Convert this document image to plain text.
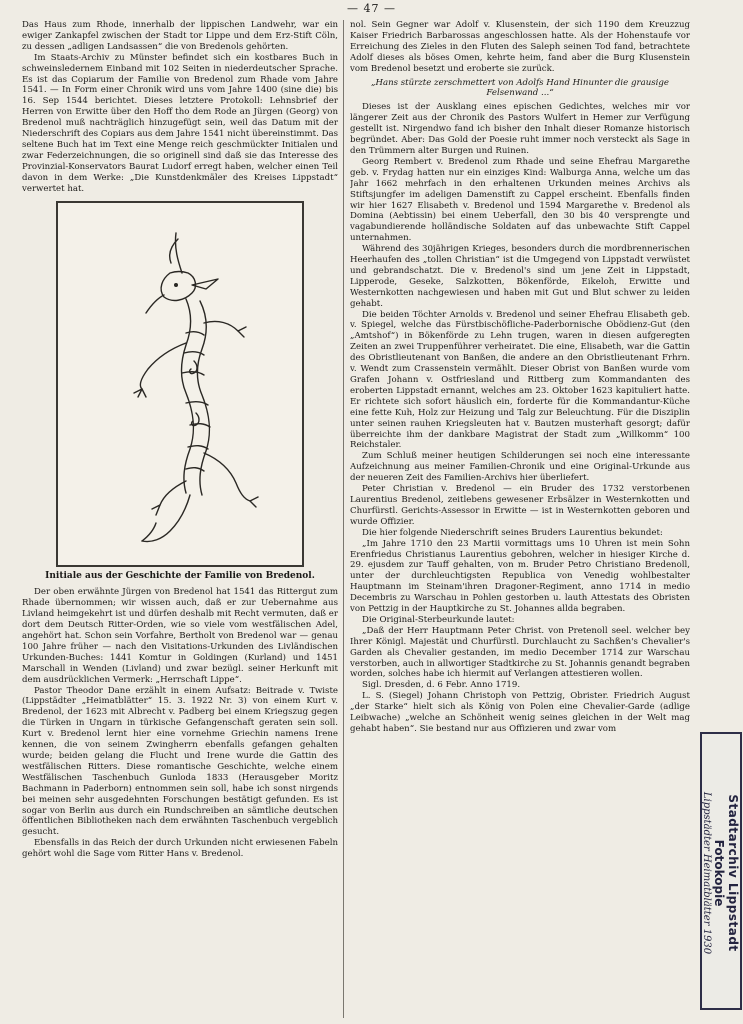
— 47 —

Das Haus zum Rhode, innerhalb der lippischen Landwehr, war ein ewiger Zankapfel zwischen der Stadt tor Lippe und dem Erz-Stift Cöln, zu dessen „adligen Landsassen“ die von Bredenols gehörten.

Im Staats-Archiv zu Münster befindet sich ein kostbares Buch in schweinsledernem Einband mit 102 Seiten in niederdeutscher Sprache. Es ist das Copiarum der Familie von Bredenol zum Rhade vom Jahre 1541. — In Form einer Chronik wird uns vom Jahre 1400 (sine die) bis 16. Sep 1544 berichtet. Dieses letztere Protokoll: Lehnsbrief der Herren von Erwitte über den Hoff tho dem Rode an Jürgen (Georg) von Bredenol muß nachträglich hinzugefügt sein, weil das Datum mit der Niederschrift des Copiars aus dem Jahre 1541 nicht übereinstimmt. Das seltene Buch hat im Text eine Menge reich geschmückter Initialen und zwar Federzeichnungen, die so originell sind daß sie das Interesse des Provinzial-Konservators Baurat Ludorf erregt haben, welcher einen Teil davon in dem Werke: „Die Kunstdenkmäler des Kreises Lippstadt“ verwertet hat.

Initiale aus der Geschichte der Familie von Bredenol.

Der oben erwähnte Jürgen von Bredenol hat 1541 das Rittergut zum Rhade übernommen; wir wissen auch, daß er zur Uebernahme aus Livland heimgekehrt ist und dürfen deshalb mit Recht vermuten, daß er dort dem Deutsch Ritter-Orden, wie so viele vom westfälischen Adel, angehört hat. Schon sein Vorfahre, Bertholt von Bredenol war — genau 100 Jahre früher — nach den Visitations-Urkunden des Livländischen Urkunden-Buches: 1441 Komtur in Goldingen (Kurland) und 1451 Marschall in Wenden (Livland) und zwar bezügl. seiner Herkunft mit dem ausdrücklichen Vermerk: „Herrschaft Lippe“.

Pastor Theodor Dane erzählt in einem Aufsatz: Beitrade v. Twiste (Lippstädter „Heimatblätter“ 15. 3. 1922 Nr. 3) von einem Kurt v. Bredenol, der 1623 mit Albrecht v. Padberg bei einem Kriegszug gegen die Türken in Ungarn in türkische Gefangenschaft geraten sein soll. Kurt v. Bredenol lernt hier eine vornehme Griechin namens Irene kennen, die von seinem Zwingherrn ebenfalls gefangen gehalten wurde; beiden gelang die Flucht und Irene wurde die Gattin des westfälischen Ritters. Diese romantische Geschichte, welche einem Westfälischen Taschenbuch Gunloda 1833 (Herausgeber Moritz Bachmann in Paderborn) entnommen sein soll, habe ich sonst nirgends bei meinen sehr ausgedehnten Forschungen bestätigt gefunden. Es ist sogar von Berlin aus durch ein Rundschreiben an sämtliche deutschen öffentlichen Bibliotheken nach dem erwähnten Taschenbuch vergeblich gesucht.

Ebensfalls in das Reich der durch Urkunden nicht erwiesenen Fabeln gehört wohl die Sage vom Ritter Hans v. Bredenol.

nol. Sein Gegner war Adolf v. Klusenstein, der sich 1190 dem Kreuzzug Kaiser Friedrich Barbarossas angeschlossen hatte. Als der Hohenstaufe vor Erreichung des Zieles in den Fluten des Saleph seinen Tod fand, betrachtete Adolf dieses als böses Omen, kehrte heim, fand aber die Burg Klusenstein vom Bredenol besetzt und eroberte sie zurück.

„Hans stürzte zerschmettert von Adolfs Hand Hinunter die grausige Felsenwand ...“

Dieses ist der Ausklang eines epischen Gedichtes, welches mir vor längerer Zeit aus der Chronik des Pastors Wulfert in Hemer zur Verfügung gestellt ist. Nirgendwo fand ich bisher den Inhalt dieser Romanze historisch begründet. Aber: Das Gold der Poesie ruht immer noch versteckt als Sage in den Trümmern alter Burgen und Ruinen.

Georg Rembert v. Bredenol zum Rhade und seine Ehefrau Margarethe geb. v. Frydag hatten nur ein einziges Kind: Walburga Anna, welche um das Jahr 1662 mehrfach in den erhaltenen Urkunden meines Archivs als Stiftsjungfer im adeligen Damenstift zu Cappel erscheint. Ebenfalls finden wir hier 1627 Elisabeth v. Bredenol und 1594 Margarethe v. Bredenol als Domina (Aebtissin) bei einem Ueberfall, den 30 bis 40 versprengte und vagabundierende holländische Soldaten auf das unbewachte Stift Cappel unternahmen.

Während des 30jährigen Krieges, besonders durch die mordbrennerischen Heerhaufen des „tollen Christian“ ist die Umgegend von Lippstadt verwüstet und gebrandschatzt. Die v. Bredenol's sind um jene Zeit in Lippstadt, Lipperode, Geseke, Salzkotten, Bökenförde, Eikeloh, Erwitte und Westernkotten nachgewiesen und haben mit Gut und Blut schwer zu leiden gehabt.

Die beiden Töchter Arnolds v. Bredenol und seiner Ehefrau Elisabeth geb. v. Spiegel, welche das Fürstbischöfliche-Paderbornische Obödienz-Gut (den „Amtshof“) in Bökenförde zu Lehn trugen, waren in diesen aufgeregten Zeiten an zwei Truppenführer verheiratet. Die eine, Elisabeth, war die Gattin des Obristlieutenant von Banßen, die andere an den Obristlieutenant Frhrn. v. Wendt zum Crassenstein vermählt. Dieser Obrist von Banßen wurde vom Grafen Johann v. Ostfriesland und Rittberg zum Kommandanten des eroberten Lippstadt ernannt, welches am 23. Oktober 1623 kapituliert hatte. Er richtete sich sofort häuslich ein, forderte für die Kommandantur-Küche eine fette Kuh, Holz zur Heizung und Talg zur Beleuchtung. Für die Disziplin unter seinen rauhen Kriegsleuten hat v. Bautzen musterhaft gesorgt; dafür überreichte ihm der dankbare Magistrat der Stadt zum „Willkomm“ 100 Reichstaler.

Zum Schluß meiner heutigen Schilderungen sei noch eine interessante Aufzeichnung aus meiner Familien-Chronik und eine Original-Urkunde aus der neueren Zeit des Familien-Archivs hier überliefert.

Peter Christian v. Bredenol — ein Bruder des 1732 verstorbenen Laurentius Bredenol, zeitlebens gewesener Erbsälzer in Westernkotten und Churfürstl. Gerichts-Assessor in Erwitte — ist in Westernkotten geboren und wurde Offizier.

Die hier folgende Niederschrift seines Bruders Laurentius bekundet:

„Im Jahre 1710 den 23 Martii vormittags ums 10 Uhren ist mein Sohn Erenfriedus Christianus Laurentius gebohren, welcher in hiesiger Kirche d. 29. ejusdem zur Tauff gehalten, von m. Bruder Petro Christiano Bredenoll, unter der durchleuchtigsten Republica von Venedig wohlbestalter Hauptmann im Steinam'ihren Dragoner-Regiment, anno 1714 in medio Decembris zu Warschau in Pohlen gestorben u. lauth Attestats des Obristen von Pettzig in der Hauptkirche zu St. Johannes allda begraben.

Die Original-Sterbeurkunde lautet:

„Daß der Herr Hauptmann Peter Christ. von Pretenoll seel. welcher bey Ihrer Königl. Majestät und Churfürstl. Durchlaucht zu Sachßen's Chevalier's Garden als Chevalier gestanden, im medio December 1714 zur Warschau verstorben, auch in allwortiger Stadtkirche zu St. Johannis genandt begraben worden, solches habe ich hiermit auf Verlangen attestieren wollen.

Sigl. Dresden, d. 6 Febr. Anno 1719.

L. S. (Siegel) Johann Christoph von Pettzig, Obrister. Friedrich August „der Starke“ hielt sich als König von Polen eine Chevalier-Garde (adlige Leibwache) „welche an Schönheit wenig seines gleichen in der Welt mag gehabt haben“. Sie bestand nur aus Offizieren und zwar vom

Stadtarchiv Lippstadt
Fotokopie
Lippstädter Heimatblätter 1930
